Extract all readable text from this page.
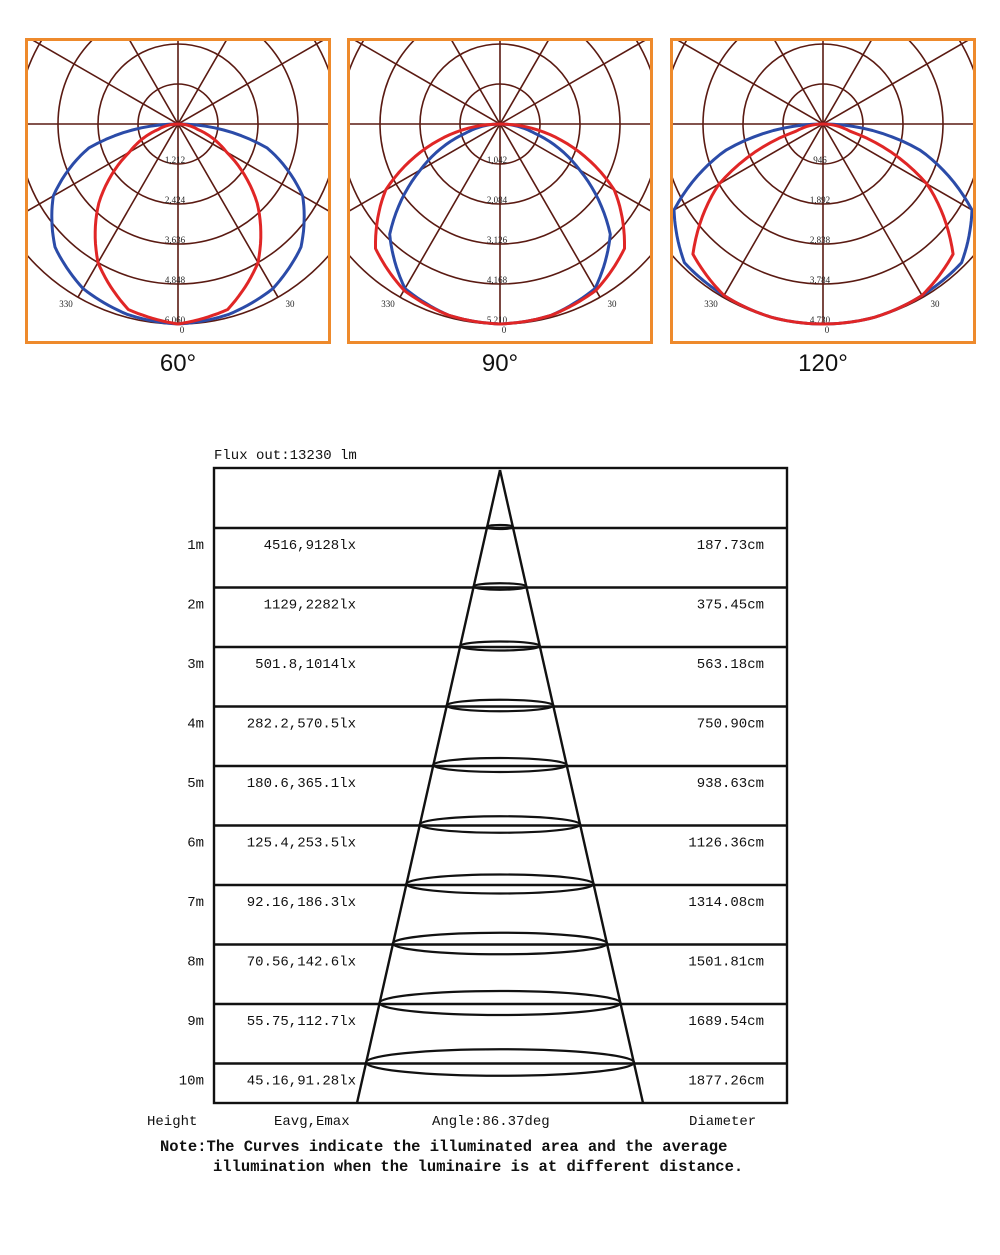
1,212
2,424
3,636
4,848
6,060
330	30
0
1,042
2,084
3,126
4,168
5,210
330	30
0
946
1,892
2,838
3,784
4,730
330	30
0
60°	90°	120°
Flux out:13230 lm
1m	4516,9128lx	187.73cm
2m	1129,2282lx	375.45cm
3m	501.8,1014lx	563.18cm
4m	282.2,570.5lx	750.90cm
5m	180.6,365.1lx	938.63cm
6m	125.4,253.5lx	1126.36cm
7m	92.16,186.3lx	1314.08cm
8m	70.56,142.6lx	1501.81cm
9m	55.75,112.7lx	1689.54cm
10m	45.16,91.28lx	1877.26cm
Height	Eavg,Emax	Angle:86.37deg	Diameter
Note:The Curves indicate the illuminated area and the average
illumination when the luminaire is at different distance.
